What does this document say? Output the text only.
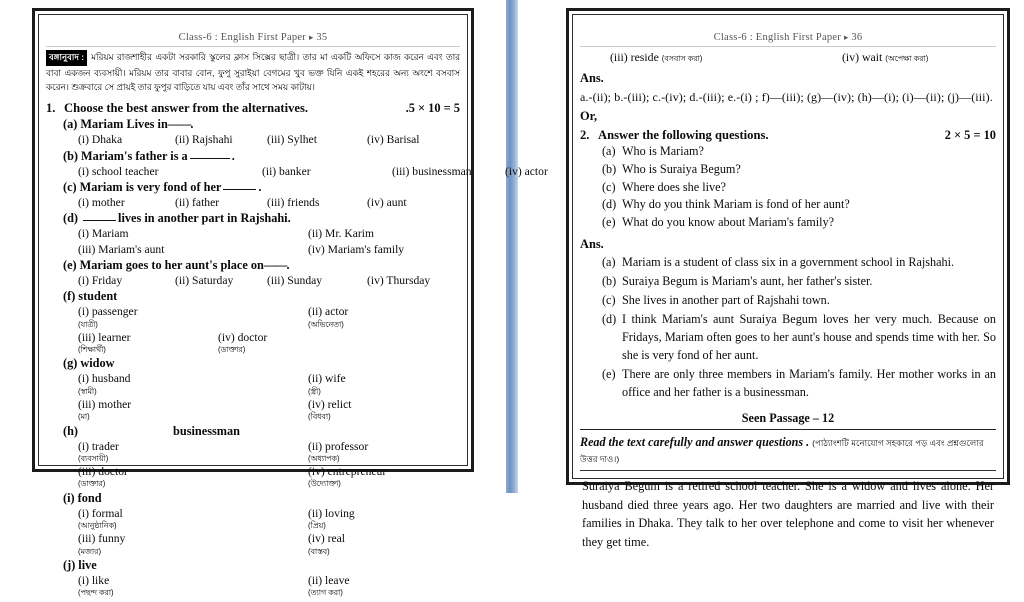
Class-6 : English First Paper ▸ 35

বঙ্গানুবাদ : মরিয়ম রাজশাহীর একটা সরকারি স্কুলের ক্লাস সিক্সের ছাত্রী। তার মা একটি অফিসে কাজ করেন এবং তার বাবা একজন ব্যবসায়ী। মরিয়ম তার বাবার বোন, ফুপু সুরাইয়া বেগমের খুব ভক্ত যিনি একই শহরের অন্য অংশে বসবাস করেন। শুক্রবারে সে প্রায়ই তার ফুপুর বাড়িতে যায় এবং তাঁর সাথে সময় কাটায়।

1. Choose the best answer from the alternatives.	.5 × 10 = 5
(a) Mariam Lives in —— .
(i) Dhaka	(ii) Rajshahi	(iii) Sylhet	(iv) Barisal
(b) Mariam's father is a	.
(i) school teacher	(ii) banker	(iii) businessman	(iv) actor
(c) Mariam is very fond of her	.
(i) mother	(ii) father	(iii) friends	(iv) aunt
(d)	lives in another part in Rajshahi.
(i) Mariam	(ii) Mr. Karim
(iii) Mariam's aunt	(iv) Mariam's family
(e) Mariam goes to her aunt's place on —— .
(i) Friday	(ii) Saturday	(iii) Sunday	(iv) Thursday
(f) student
(i) passenger
(যাত্রী)
(ii) actor
(অভিনেতা)
(iii) learner
(শিক্ষার্থী)
(iv) doctor
(ডাক্তার)
(g) widow
(i) husband
(স্বামী)
(ii) wife
(স্ত্রী)
(iii) mother
(মা)
(iv) relict
(বিধবা)
(h)	businessman
(i) trader
(ব্যবসায়ী)
(ii) professor
(অধ্যাপক)
(iii) doctor
(ডাক্তার)
(iv) entrepreneur
(উদ্যোক্তা)
(i) fond
(i) formal
(আনুষ্ঠানিক)
(ii) loving
(প্রিয়)
(iii) funny
(মজার)
(iv) real
(বাস্তব)
(j) live
(i) like
(পছন্দ করা)
(ii) leave
(ত্যাগ করা)
Class-6 : English First Paper ▸ 36
(iii) reside (বসবাস করা)	(iv) wait (অপেক্ষা করা)
Ans.
a.-(ii); b.-(iii); c.-(iv); d.-(iii); e.-(i) ; f)—(iii); (g)—(iv); (h)—(i); (i)—(ii); (j)—(iii).
Or,
2. Answer the following questions.	2 × 5 = 10
(a) Who is Mariam?
(b) Who is Suraiya Begum?
(c) Where does she live?
(d) Why do you think Mariam is fond of her aunt?
(e) What do you know about Mariam's family?
Ans.
(a) Mariam is a student of class six in a government school in Rajshahi.
(b) Suraiya Begum is Mariam's aunt, her father's sister.
(c) She lives in another part of Rajshahi town.
(d) I think Mariam's aunt Suraiya Begum loves her very much. Because on Fridays, Mariam often goes to her aunt's house and spends time with her. So she is very fond of her aunt.
(e) There are only three members in Mariam's family. Her mother works in an office and her father is a businessman.
Seen Passage – 12
Read the text carefully and answer questions . (পাঠ্যাংশটি মনোযোগ সহকারে পড় এবং প্রশ্নগুলোর উত্তর দাও।)
Suraiya Begum is a retired school teacher. She is a widow and lives alone. Her husband died three years ago. Her two daughters are married and live with their families in Dhaka. They talk to her over telephone and come to visit her whenever they get time.
